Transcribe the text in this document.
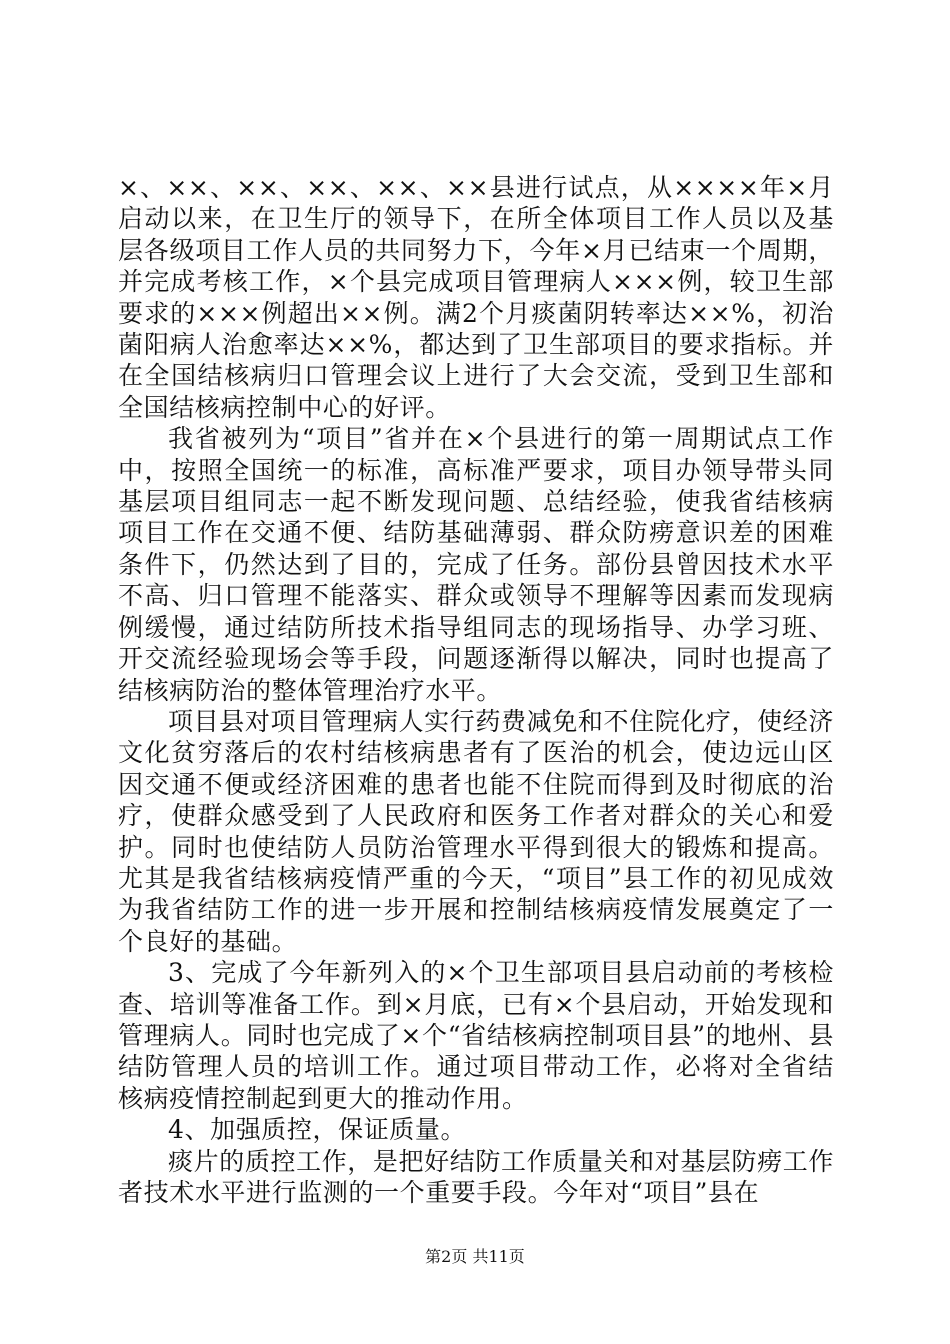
×、××、××、××、××、××县进行试点，从××××年×月启动以来，在卫生厅的领导下，在所全体项目工作人员以及基层各级项目工作人员的共同努力下，今年×月已结束一个周期，并完成考核工作，×个县完成项目管理病人×××例，较卫生部要求的×××例超出××例。满2个月痰菌阴转率达××%，初治菌阳病人治愈率达××%，都达到了卫生部项目的要求指标。并在全国结核病归口管理会议上进行了大会交流，受到卫生部和全国结核病控制中心的好评。

我省被列为“项目”省并在×个县进行的第一周期试点工作中，按照全国统一的标准，高标准严要求，项目办领导带头同基层项目组同志一起不断发现问题、总结经验，使我省结核病项目工作在交通不便、结防基础薄弱、群众防痨意识差的困难条件下，仍然达到了目的，完成了任务。部份县曾因技术水平不高、归口管理不能落实、群众或领导不理解等因素而发现病例缓慢，通过结防所技术指导组同志的现场指导、办学习班、开交流经验现场会等手段，问题逐渐得以解决，同时也提高了结核病防治的整体管理治疗水平。

项目县对项目管理病人实行药费减免和不住院化疗，使经济文化贫穷落后的农村结核病患者有了医治的机会，使边远山区因交通不便或经济困难的患者也能不住院而得到及时彻底的治疗，使群众感受到了人民政府和医务工作者对群众的关心和爱护。同时也使结防人员防治管理水平得到很大的锻炼和提高。尤其是我省结核病疫情严重的今天，“项目”县工作的初见成效为我省结防工作的进一步开展和控制结核病疫情发展奠定了一个良好的基础。

3、完成了今年新列入的×个卫生部项目县启动前的考核检查、培训等准备工作。到×月底，已有×个县启动，开始发现和管理病人。同时也完成了×个“省结核病控制项目县”的地州、县结防管理人员的培训工作。通过项目带动工作，必将对全省结核病疫情控制起到更大的推动作用。

4、加强质控，保证质量。

痰片的质控工作，是把好结防工作质量关和对基层防痨工作者技术水平进行监测的一个重要手段。今年对“项目”县在

第2页 共11页
